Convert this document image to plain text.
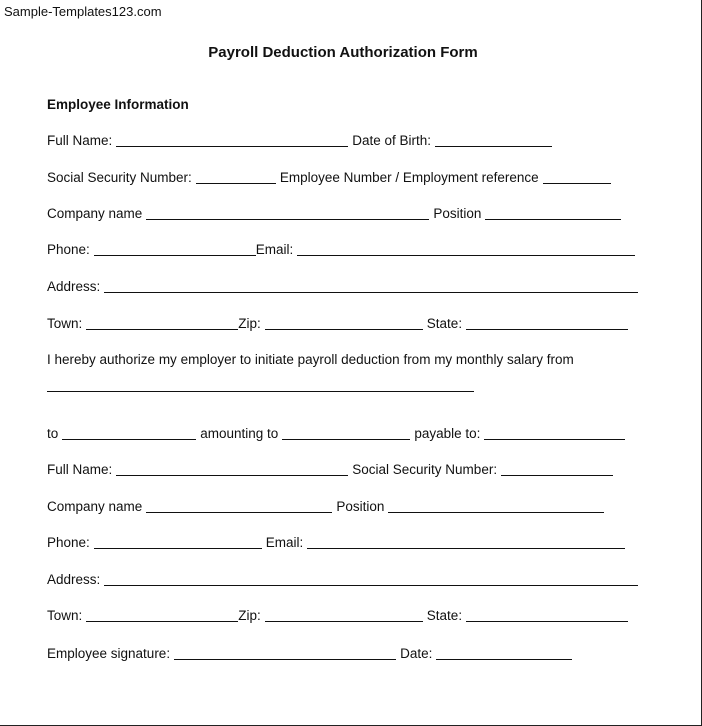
Sample-Templates123.com
Payroll Deduction Authorization Form
Employee Information
Full Name:	Date of Birth:
Social Security Number:	Employee Number / Employment reference
Company name	Position
Phone:	Email:
Address:
Town:	Zip:	State:
I hereby authorize my employer to initiate payroll deduction from my monthly salary from
to	amounting to	payable to:
Full Name:	Social Security Number:
Company name	Position
Phone:	Email:
Address:
Town:	Zip:	State:
Employee signature:	Date:
